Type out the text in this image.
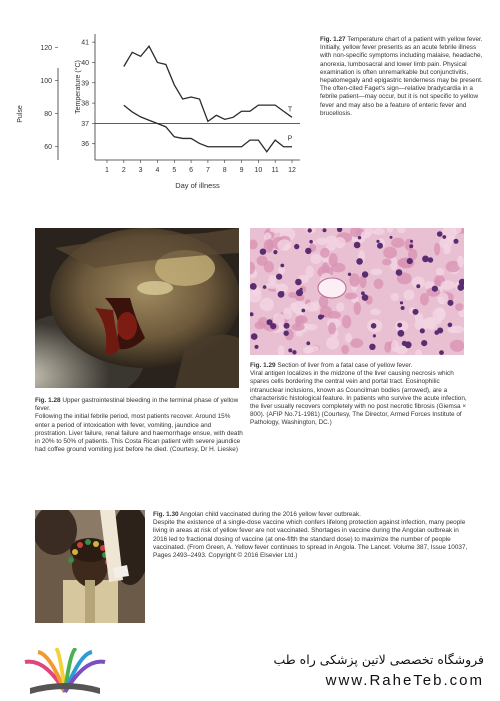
41
40
39
38
37
36
120
100
80
60
1 2 3 4 5 6 7 8 9 10 11 12
Day of illness
Pulse
Temperature (°C)	T
P
Fig. 1.27 Temperature chart of a patient with yellow fever.
Initially, yellow fever presents as an acute febrile illness with non-specific symptoms including malaise, headache, anorexia, lumbosacral and lower limb pain. Physical examination is often unremarkable but conjunctivitis, hepatomegaly and epigastric tenderness may be present. The often-cited Faget's sign—relative bradycardia in a febrile patient—may occur, but it is not specific to yellow fever and may also be a feature of enteric fever and brucellosis.
Fig. 1.28 Upper gastrointestinal bleeding in the terminal phase of yellow fever.
Following the initial febrile period, most patients recover. Around 15% enter a period of intoxication with fever, vomiting, jaundice and prostration. Liver failure, renal failure and haemorrhage ensue, with death in 20% to 50% of patients. This Costa Rican patient with severe jaundice had coffee ground vomiting just before he died. (Courtesy, Dr H. Lieske)
Fig. 1.29 Section of liver from a fatal case of yellow fever.
Viral antigen localizes in the midzone of the liver causing necrosis which spares cells bordering the central vein and portal tract. Eosinophilic intranuclear inclusions, known as Councilman bodies (arrowed), are a characteristic histological feature. In patients who survive the acute infection, the liver usually recovers completely with no post necrotic fibrosis (Giemsa × 800). (AFIP No.71-1981) (Courtesy, The Director, Armed Forces Institute of Pathology, Washington, DC.)
Fig. 1.30 Angolan child vaccinated during the 2016 yellow fever outbreak.
Despite the existence of a single-dose vaccine which confers lifelong protection against infection, many people living in areas at risk of yellow fever are not vaccinated. Shortages in vaccine during the Angolan outbreak in 2016 led to fractional dosing of vaccine (at one-fifth the standard dose) to maximize the number of people vaccinated. (From Green, A. Yellow fever continues to spread in Angola. The Lancet. Volume 387, Issue 10037, Pages 2493–2493. Copyright © 2016 Elsevier Ltd.)
فروشگاه تخصصی لاتین پزشکی راه طب
www.RaheTeb.com
